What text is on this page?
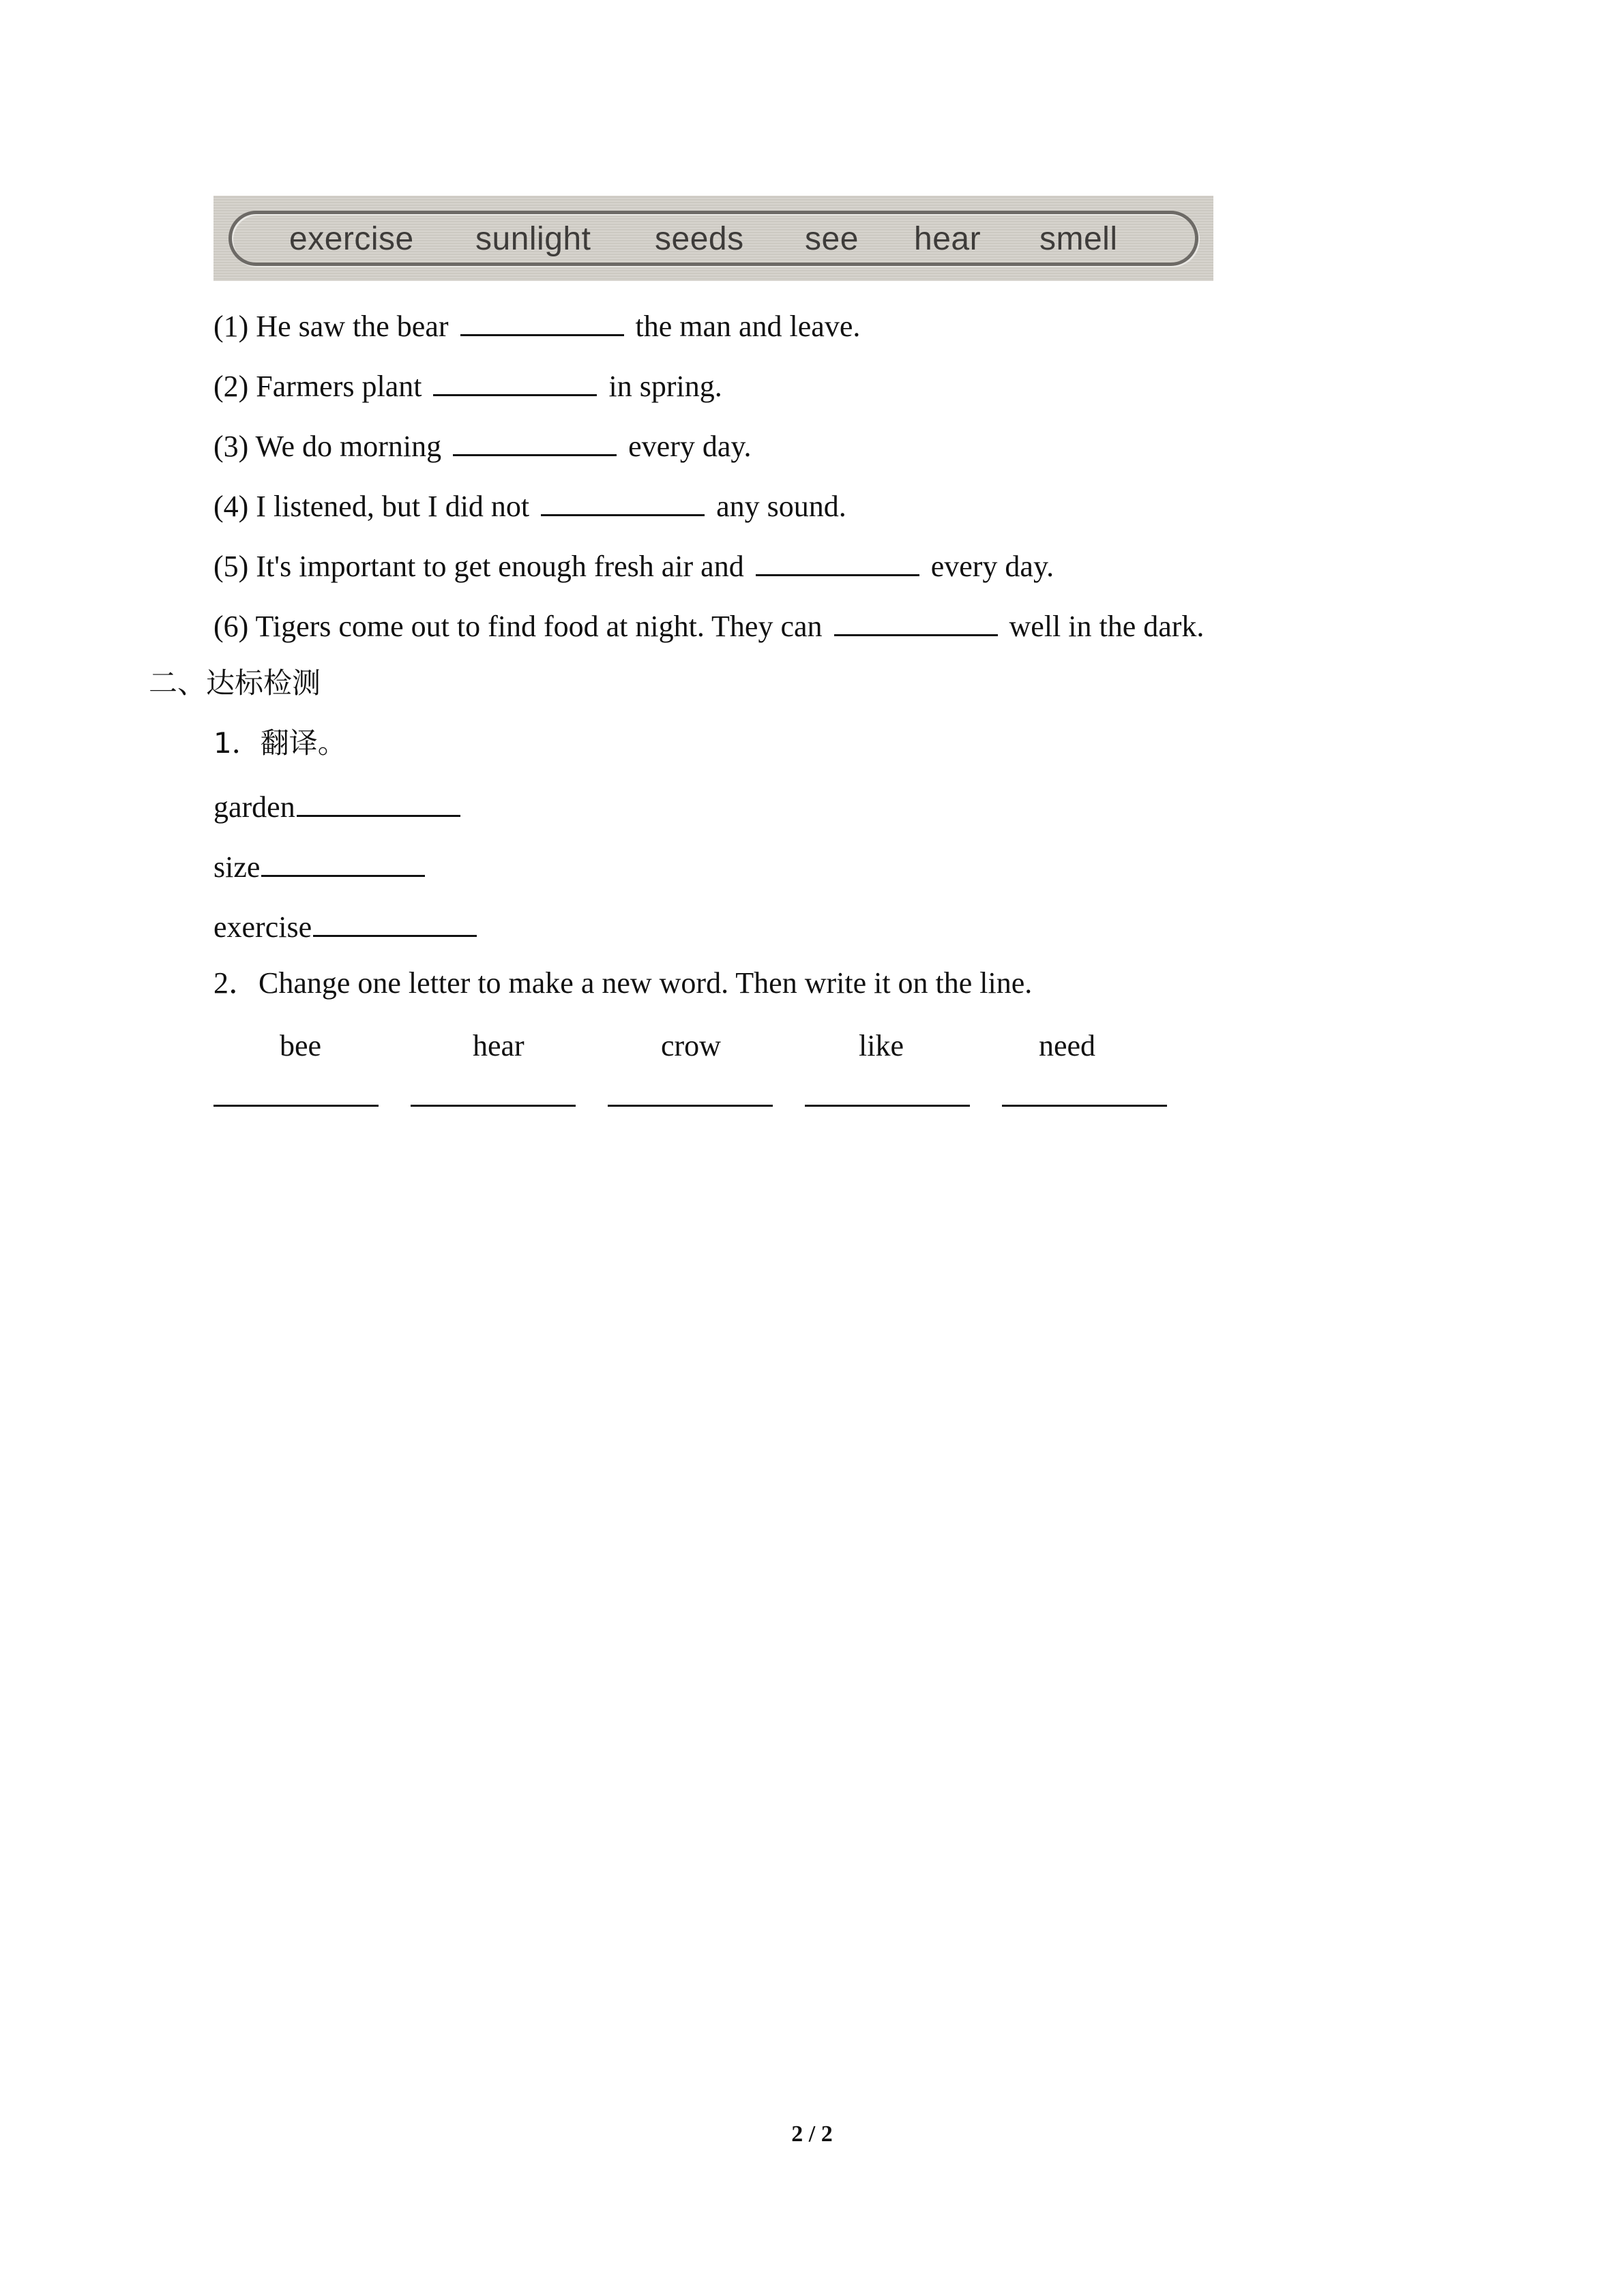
exercise sunlight seeds see hear smell
(1) He saw the bear	the man and leave.
(2) Farmers plant	in spring.
(3) We do morning	every day.
(4) I listened, but I did not	any sound.
(5) It's important to get enough fresh air and	every day.
(6) Tigers come out to find food at night. They can	well in the dark.
二、达标检测
1．翻译。
garden
size
exercise
2．Change one letter to make a new word. Then write it on the line.
bee	hear	crow	like	need
2 / 2
